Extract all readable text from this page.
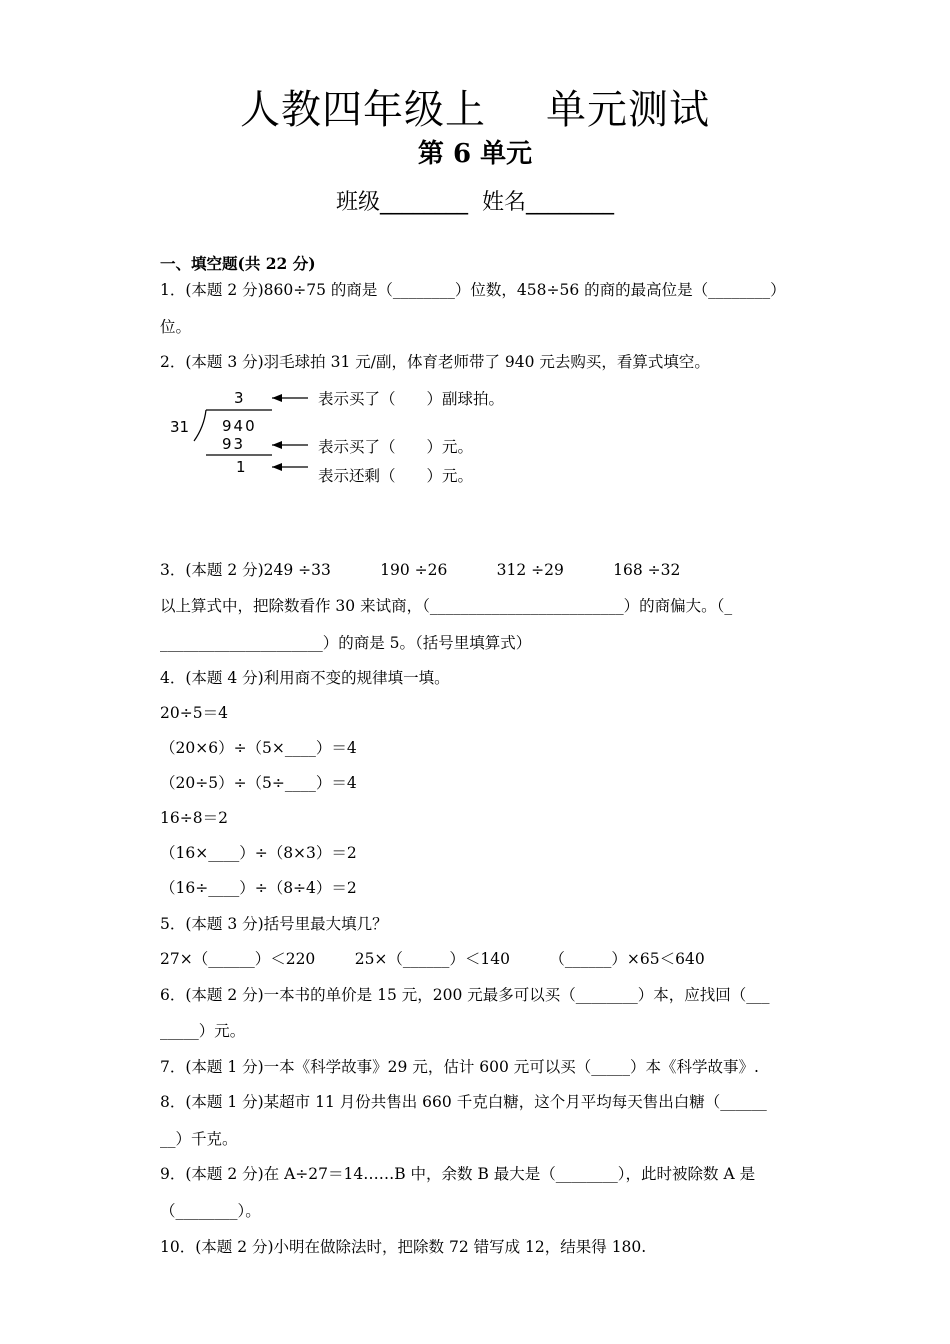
人教四年级上 单元测试
第 6 单元
班级________ 姓名________
一、填空题(共 22 分)
1．(本题 2 分)860÷75 的商是（________）位数，458÷56 的商的最高位是（________）
位。
2．(本题 3 分)羽毛球拍 31 元/副，体育老师带了 940 元去购买，看算式填空。
3
31 940
93
1
表示买了（　　）副球拍。
表示买了（　　）元。
表示还剩（　　）元。
3．(本题 2 分)249 ÷33          190 ÷26          312 ÷29          168 ÷32
以上算式中，把除数看作 30 来试商，（_________________________）的商偏大。（_
_____________________）的商是 5。（括号里填算式）
4．(本题 4 分)利用商不变的规律填一填。
20÷5＝4
（20×6）÷（5×____）＝4
（20÷5）÷（5÷____）＝4
16÷8＝2
（16×____）÷（8×3）＝2
（16÷____）÷（8÷4）＝2
5．(本题 3 分)括号里最大填几？
27×（______）＜220        25×（______）＜140        （______）×65＜640
6．(本题 2 分)一本书的单价是 15 元，200 元最多可以买（________）本，应找回（___
_____）元。
7．(本题 1 分)一本《科学故事》29 元，估计 600 元可以买（_____）本《科学故事》.
8．(本题 1 分)某超市 11 月份共售出 660 千克白糖，这个月平均每天售出白糖（______
__）千克。
9．(本题 2 分)在 A÷27＝14……B 中，余数 B 最大是（________），此时被除数 A 是
（________）。
10．(本题 2 分)小明在做除法时，把除数 72 错写成 12，结果得 180.
